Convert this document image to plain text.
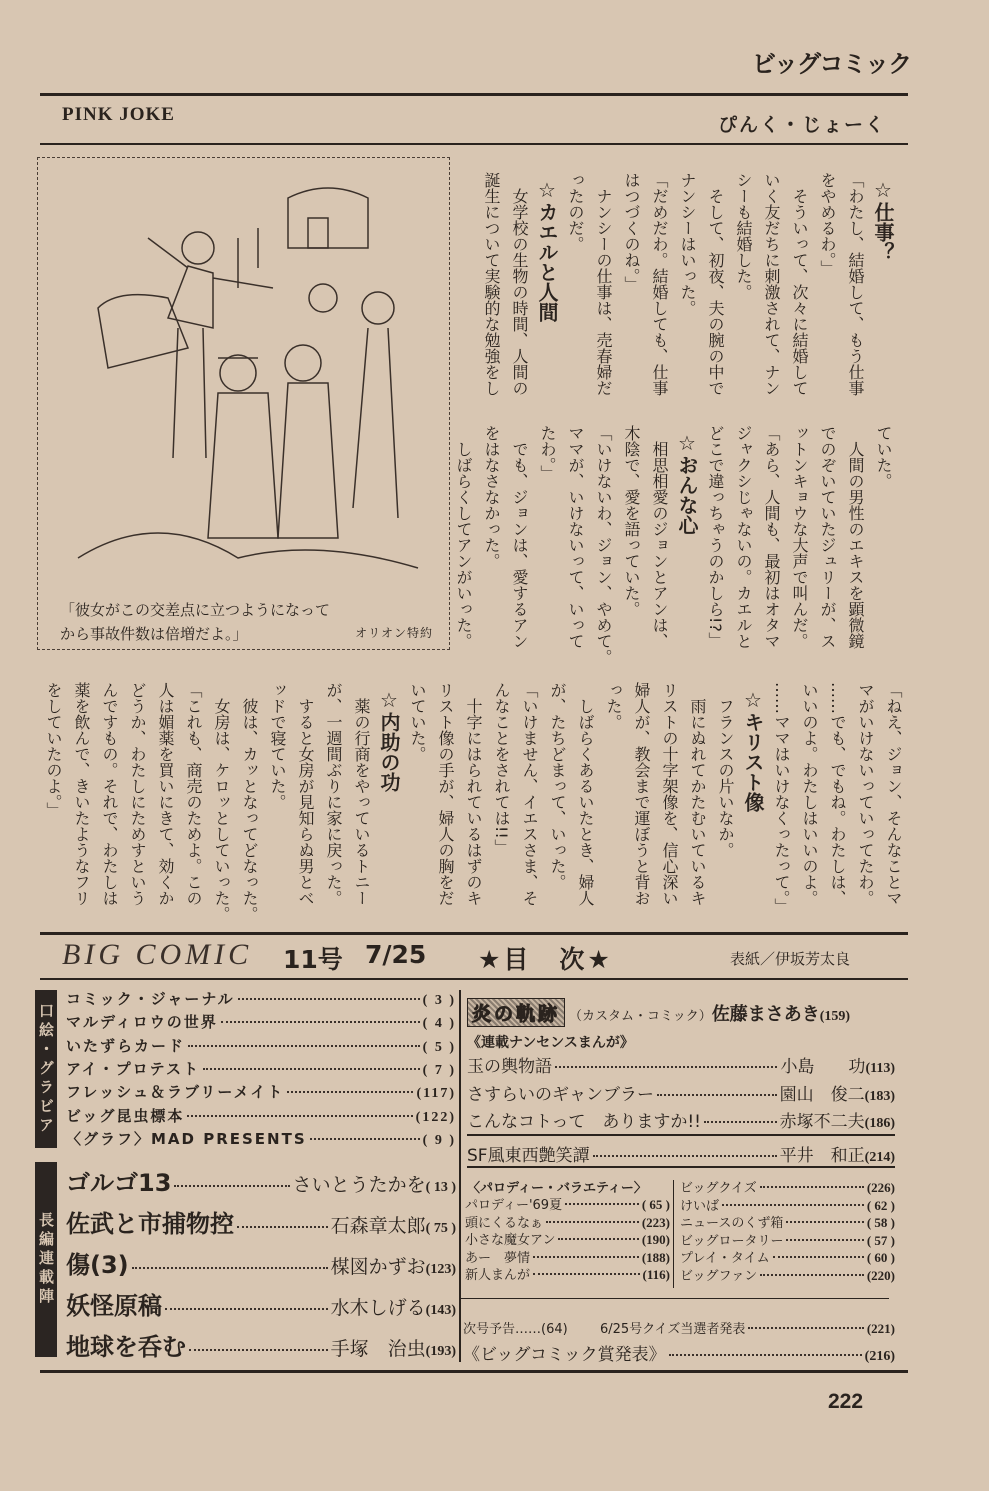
ビッグコミック
PINK JOKE	ぴんく・じょーく
「彼女がこの交差点に立つようになって
から事故件数は倍増だよ。」	オリオン特約
☆仕事？
「わたし、結婚して、もう仕事
をやめるわ。」
　そういって、次々に結婚して
いく友だちに刺激されて、ナン
シーも結婚した。
　そして、初夜、夫の腕の中で
ナンシーはいった。
「だめだわ。結婚しても、仕事
はつづくのね。」
　ナンシーの仕事は、売春婦だ
ったのだ。
☆カエルと人間
　女学校の生物の時間、人間の
誕生について実験的な勉強をし
ていた。
　人間の男性のエキスを顕微鏡
でのぞいていたジュリーが、ス
ットンキョウな大声で叫んだ。
「あら、人間も、最初はオタマ
ジャクシじゃないの。カエルと
どこで違っちゃうのかしら!?」
☆おんな心
　相思相愛のジョンとアンは、
木陰で、愛を語っていた。
「いけないわ、ジョン、やめて。
ママが、いけないって、いって
たわ。」
　でも、ジョンは、愛するアン
をはなさなかった。
　しばらくしてアンがいった。
「ねえ、ジョン、そんなことマ
マがいけないっていってたわ。
……でも、でもね。わたしは、
いいのよ。わたしはいいのよ。
……ママはいけなくったって。」
☆キリスト像
　フランスの片いなか。
　雨にぬれてかたむいているキ
リストの十字架像を、信心深い
婦人が、教会まで運ぼうと背お
った。
　しばらくあるいたとき、婦人
が、たちどまって、いった。
「いけません、イエスさま、そ
んなことをされては!!」
　十字にはられているはずのキ
リスト像の手が、婦人の胸をだ
いていた。
☆内助の功
　薬の行商をやっているトニー
が、一週間ぶりに家に戻った。
　すると女房が見知らぬ男とベ
ッドで寝ていた。
　彼は、カッとなってどなった。
　女房は、ケロッとしていった。
「これも、商売のためよ。この
人は媚薬を買いにきて、効くか
どうか、わたしにためすという
んですもの。それで、わたしは
薬を飲んで、きいたようなフリ
をしていたのよ。」
BIG COMIC 11号 7/25 ★目　次★	表紙／伊坂芳太良
口絵・グラビア
長編連載陣
コミック・ジャーナル	( 3 )
マルディロウの世界	( 4 )
いたずらカード	( 5 )
アイ・プロテスト	( 7 )
フレッシュ＆ラブリーメイト	(117)
ビッグ昆虫標本	(122)
〈グラフ〉MAD PRESENTS	( 9 )
ゴルゴ13	さいとうたかを ( 13 )
佐武と市捕物控	石森章太郎 ( 75 )
傷(3)	楳図かずお (123)
妖怪原稿	水木しげる (143)
地球を呑む	手塚　治虫 (193)
炎の軌跡 （カスタム・コミック） 佐藤まさあき (159)
《連載ナンセンスまんが》
玉の輿物語	小島　　功 (113)
さすらいのギャンブラー	園山　俊二 (183)
こんなコトって　ありますか!!	赤塚不二夫 (186)
SF風東西艶笑譚	平井　和正 (214)
〈パロディー・バラエティー〉
パロディー'69夏	( 65 )
頭にくるなぁ	(223)
小さな魔女アン	(190)
あー　夢情	(188)
新人まんが	(116)
ビッグクイズ	(226)
けいば	( 62 )
ニュースのくず箱	( 58 )
ビッグロータリー	( 57 )
プレイ・タイム	( 60 )
ビッグファン	(220)
次号予告……(64) 6/25号クイズ当選者発表	(221)
《ビッグコミック賞発表》	(216)
222
